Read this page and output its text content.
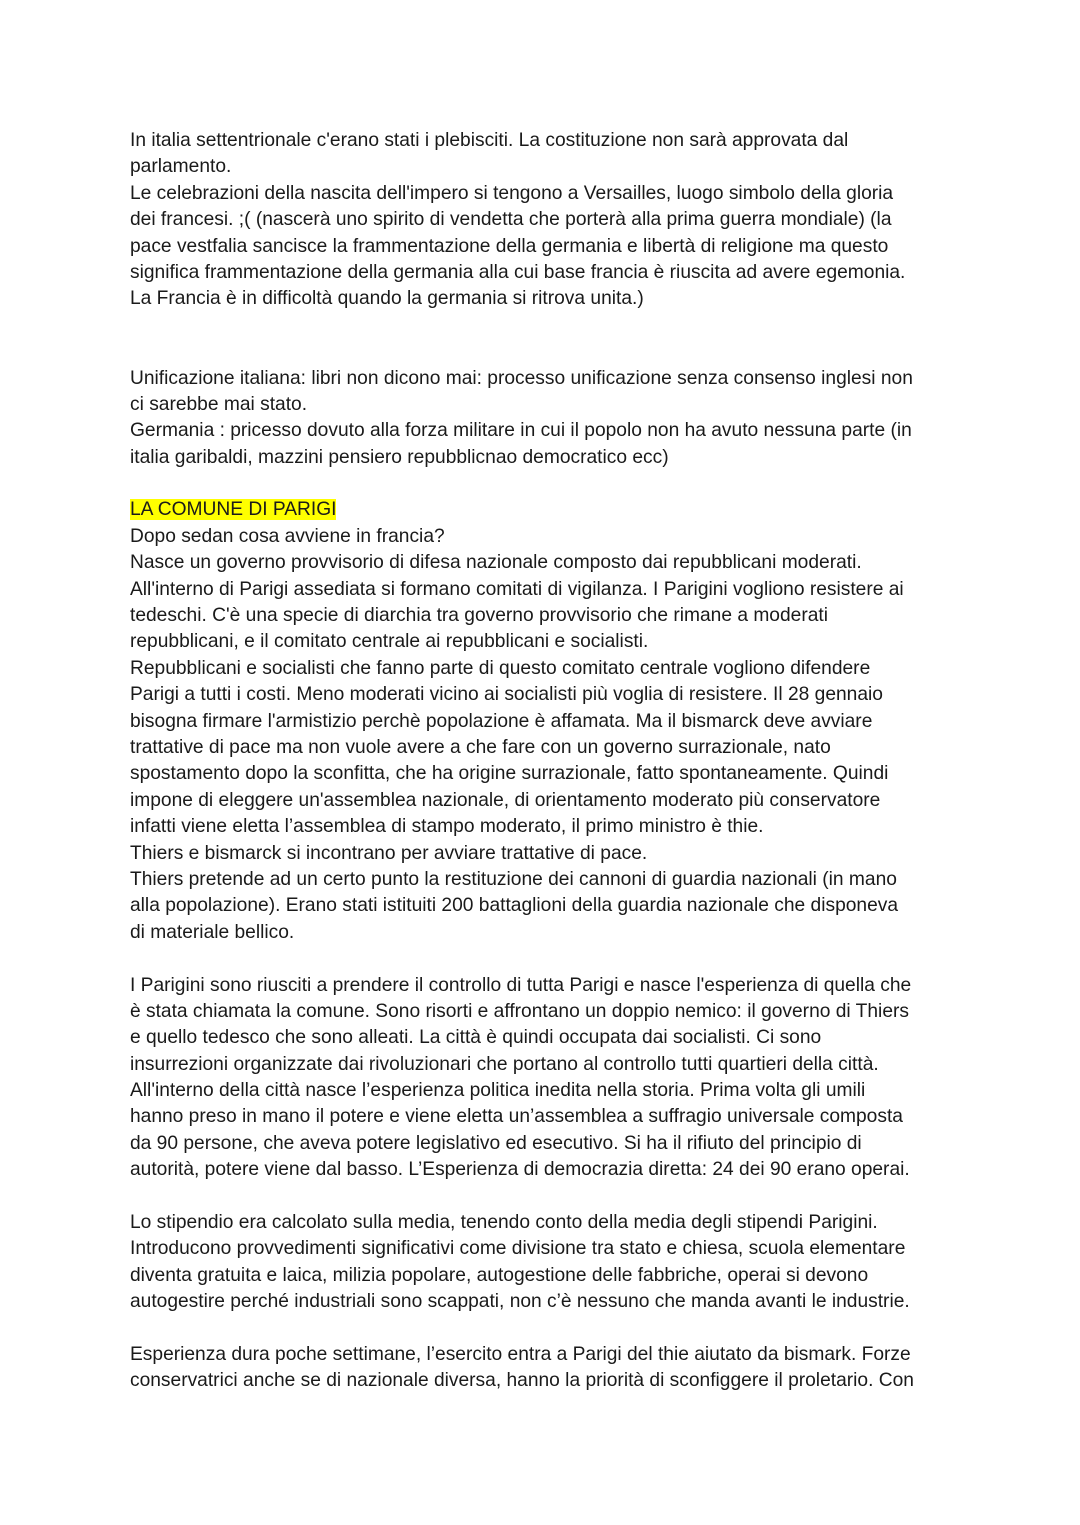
In italia settentrionale c'erano stati i plebisciti. La costituzione non sarà approvata dal
parlamento.
Le celebrazioni della nascita dell'impero si tengono a Versailles, luogo simbolo della gloria
dei francesi. ;( (nascerà uno spirito di vendetta che porterà alla prima guerra mondiale) (la
pace vestfalia sancisce la frammentazione della germania e libertà di religione ma questo
significa frammentazione della germania alla cui base francia è riuscita ad avere egemonia.
La Francia è in difficoltà quando la germania si ritrova unita.)
Unificazione italiana: libri non dicono mai: processo unificazione senza consenso inglesi non
ci sarebbe mai stato.
Germania : pricesso dovuto alla forza militare in cui il popolo non ha avuto nessuna parte (in
italia garibaldi, mazzini pensiero repubblicnao democratico ecc)
LA COMUNE DI PARIGI
Dopo sedan cosa avviene in francia?
Nasce un governo provvisorio di difesa nazionale composto dai repubblicani moderati.
All'interno di Parigi assediata si formano comitati di vigilanza. I Parigini vogliono resistere ai
tedeschi. C'è una specie di diarchia tra governo provvisorio che rimane a moderati
repubblicani, e il comitato centrale ai repubblicani e socialisti.
Repubblicani e socialisti che fanno parte di questo comitato centrale vogliono difendere
Parigi a tutti i costi. Meno moderati vicino ai socialisti più voglia di resistere. Il 28 gennaio
bisogna firmare l'armistizio perchè popolazione è affamata. Ma il bismarck deve avviare
trattative di pace ma non vuole avere a che fare con un governo surrazionale, nato
spostamento dopo la sconfitta, che ha origine surrazionale, fatto spontaneamente. Quindi
impone di eleggere un'assemblea nazionale, di orientamento moderato più conservatore
infatti viene eletta l’assemblea di stampo moderato, il primo ministro è thie.
Thiers e bismarck si incontrano per avviare trattative di pace.
Thiers pretende ad un certo punto la restituzione dei cannoni di guardia nazionali (in mano
alla popolazione). Erano stati istituiti 200 battaglioni della guardia nazionale che disponeva
di materiale bellico.
I Parigini sono riusciti a prendere il controllo di tutta Parigi e nasce l'esperienza di quella che
è stata chiamata la comune. Sono risorti e affrontano un doppio nemico: il governo di Thiers
e quello tedesco che sono alleati. La città è quindi occupata dai socialisti. Ci sono
insurrezioni organizzate dai rivoluzionari che portano al controllo tutti quartieri della città.
All'interno della città nasce l’esperienza politica inedita nella storia. Prima volta gli umili
hanno preso in mano il potere e viene eletta un’assemblea a suffragio universale composta
da 90 persone, che aveva potere legislativo ed esecutivo. Si ha il rifiuto del principio di
autorità, potere viene dal basso. L’Esperienza di democrazia diretta: 24 dei 90 erano operai.
Lo stipendio era calcolato sulla media, tenendo conto della media degli stipendi Parigini.
Introducono provvedimenti significativi come divisione tra stato e chiesa, scuola elementare
diventa gratuita e laica, milizia popolare, autogestione delle fabbriche, operai si devono
autogestire perché industriali sono scappati, non c’è nessuno che manda avanti le industrie.
Esperienza dura poche settimane, l’esercito entra a Parigi del thie aiutato da bismark. Forze
conservatrici anche se di nazionale diversa, hanno la priorità di sconfiggere il proletario. Con
